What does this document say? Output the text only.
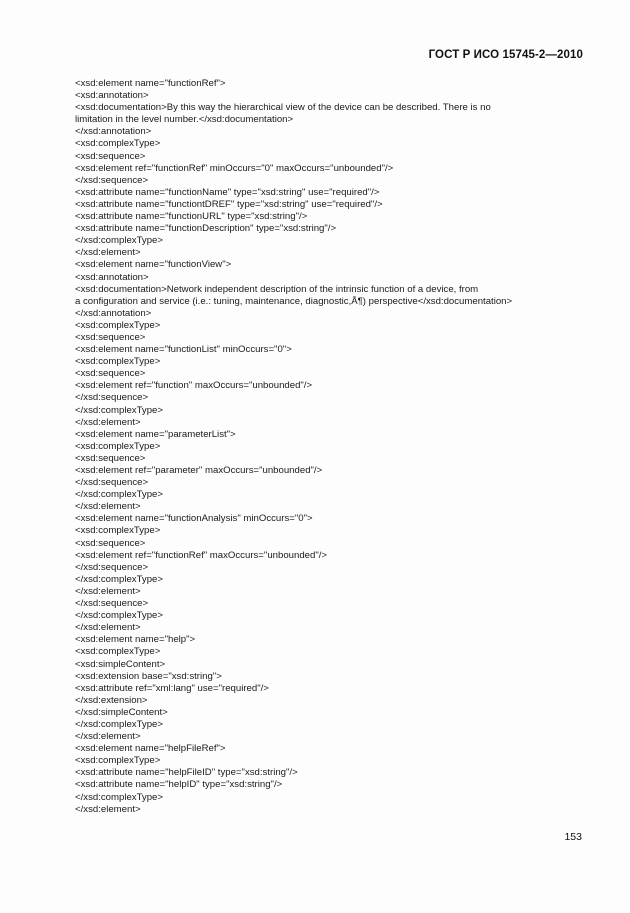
ГОСТ Р ИСО 15745-2—2010
<xsd:element name="functionRef">
<xsd:annotation>
<xsd:documentation>By this way the hierarchical view of the device can be described. There is no
limitation in the level number.</xsd:documentation>
</xsd:annotation>
<xsd:complexType>
<xsd:sequence>
<xsd:element ref="functionRef" minOccurs="0" maxOccurs="unbounded"/>
</xsd:sequence>
<xsd:attribute name="functionName" type="xsd:string" use="required"/>
<xsd:attribute name="functiontDREF" type="xsd:string" use="required"/>
<xsd:attribute name="functionURL" type="xsd:string"/>
<xsd:attribute name="functionDescription" type="xsd:string"/>
</xsd:complexType>
</xsd:element>
<xsd:element name="functionView">
<xsd:annotation>
<xsd:documentation>Network independent description of the intrinsic function of a device, from
a configuration and service (i.e.: tuning, maintenance, diagnostic,Å¶) perspective</xsd:documentation>
</xsd:annotation>
<xsd:complexType>
<xsd:sequence>
<xsd:element name="functionList" minOccurs="0">
<xsd:complexType>
<xsd:sequence>
<xsd:element ref="function" maxOccurs="unbounded"/>
</xsd:sequence>
</xsd:complexType>
</xsd:element>
<xsd:element name="parameterList">
<xsd:complexType>
<xsd:sequence>
<xsd:element ref="parameter" maxOccurs="unbounded"/>
</xsd:sequence>
</xsd:complexType>
</xsd:element>
<xsd:element name="functionAnalysis" minOccurs="0">
<xsd:complexType>
<xsd:sequence>
<xsd:element ref="functionRef" maxOccurs="unbounded"/>
</xsd:sequence>
</xsd:complexType>
</xsd:element>
</xsd:sequence>
</xsd:complexType>
</xsd:element>
<xsd:element name="help">
<xsd:complexType>
<xsd:simpleContent>
<xsd:extension base="xsd:string">
<xsd:attribute ref="xml:lang" use="required"/>
</xsd:extension>
</xsd:simpleContent>
</xsd:complexType>
</xsd:element>
<xsd:element name="helpFileRef">
<xsd:complexType>
<xsd:attribute name="helpFileID" type="xsd:string"/>
<xsd:attribute name="helpID" type="xsd:string"/>
</xsd:complexType>
</xsd:element>
153
